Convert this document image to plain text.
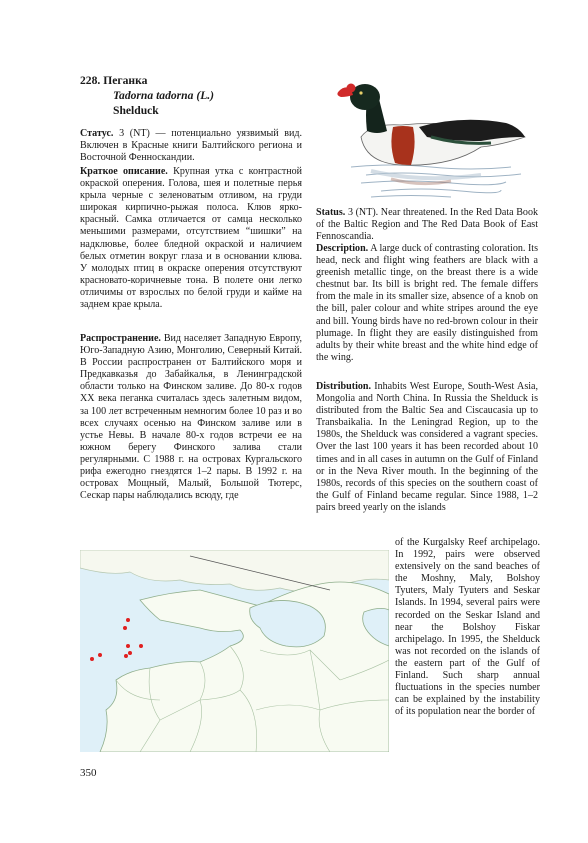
228. Пеганка
Tadorna tadorna (L.)
Shelduck

Статус. 3 (NT) — потенциально уязвимый вид. Включен в Красные книги Балтийского региона и Восточной Фенноскандии.

Краткое описание. Крупная утка с контрастной окраской оперения. Голова, шея и полетные перья крыла черные с зеленоватым отливом, на груди широкая кирпично-рыжая полоса. Клюв ярко-красный. Самка отличается от самца несколько меньшими размерами, отсутствием “шишки” на надклювье, более бледной окраской и наличием белых отметин вокруг глаза и в основании клюва. У молодых птиц в окраске оперения отсутствуют красновато-коричневые тона. В полете они легко отличимы от взрослых по белой груди и кайме на заднем крае крыла.

Распространение. Вид населяет Западную Европу, Юго-Западную Азию, Монголию, Северный Китай. В России распространен от Балтийского моря и Предкавказья до Забайкалья, в Ленинградской области только на Финском заливе. До 80-х годов XX века пеганка считалась здесь залетным видом, за 100 лет встреченным немногим более 10 раз и во всех случаях осенью на Финском заливе или в устье Невы. В начале 80-х годов встречи ее на южном берегу Финского залива стали регулярными. С 1988 г. на островах Кургальского рифа ежегодно гнездятся 1–2 пары. В 1992 г. на островах Мощный, Малый, Большой Тютерс, Сескар пары наблюдались всюду, где

Status. 3 (NT). Near threatened. In the Red Data Book of the Baltic Region and The Red Data Book of East Fennoscandia.

Description. A large duck of contrasting coloration. Its head, neck and flight wing feathers are black with a greenish metallic tinge, on the breast there is a wide chestnut bar. Its bill is bright red. The female differs from the male in its smaller size, absence of a knob on the bill, paler colour and white stripes around the eye and bill. Young birds have no red-brown colour in their plumage. In flight they are easily distinguished from adults by their white breast and the white hind edge of the wing.

Distribution. Inhabits West Europe, South-West Asia, Mongolia and North China. In Russia the Shelduck is distributed from the Baltic Sea and Ciscaucasia up to Transbaikalia. In the Leningrad Region, up to the 1980s, the Shelduck was considered a vagrant species. Over the last 100 years it has been recorded about 10 times and in all cases in autumn on the Gulf of Finland or in the Neva River mouth. In the beginning of the 1980s, records of this species on the southern coast of the Gulf of Finland became regular. Since 1988, 1–2 pairs breed yearly on the islands

of the Kurgalsky Reef archipelago. In 1992, pairs were observed extensively on the sand beaches of the Moshny, Maly, Bolshoy Tyuters, Maly Tyuters and Seskar Islands. In 1994, several pairs were recorded on the Seskar Island and near the Bolshoy Fiskar archipelago. In 1995, the Shelduck was not recorded on the islands of the eastern part of the Gulf of Finland. Such sharp annual fluctuations in the species number can be explained by the instability of its population near the border of

350
